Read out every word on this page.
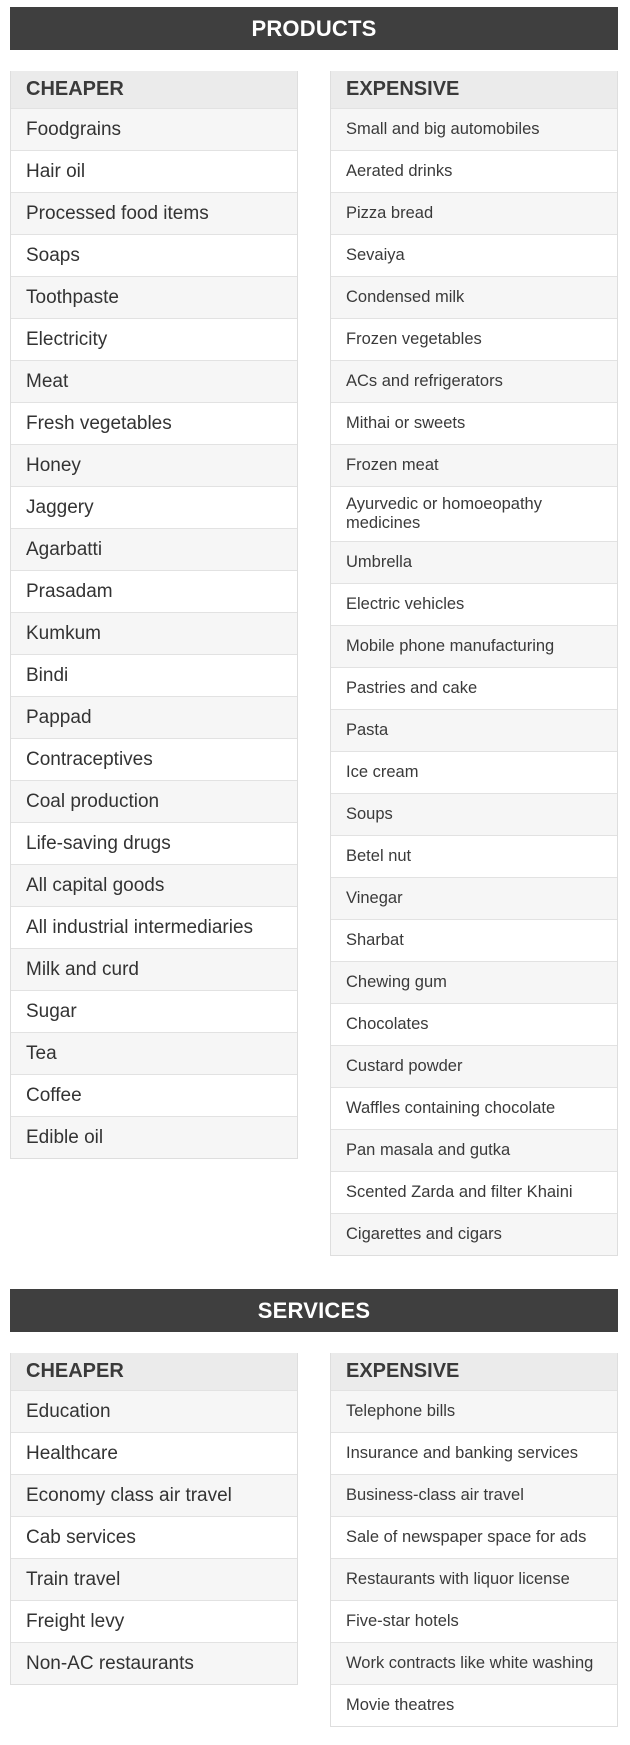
PRODUCTS
CHEAPER
Foodgrains
Hair oil
Processed food items
Soaps
Toothpaste
Electricity
Meat
Fresh vegetables
Honey
Jaggery
Agarbatti
Prasadam
Kumkum
Bindi
Pappad
Contraceptives
Coal production
Life-saving drugs
All capital goods
All industrial intermediaries
Milk and curd
Sugar
Tea
Coffee
Edible oil
EXPENSIVE
Small and big automobiles
Aerated drinks
Pizza bread
Sevaiya
Condensed milk
Frozen vegetables
ACs and refrigerators
Mithai or sweets
Frozen meat
Ayurvedic or homoeopathy medicines
Umbrella
Electric vehicles
Mobile phone manufacturing
Pastries and cake
Pasta
Ice cream
Soups
Betel nut
Vinegar
Sharbat
Chewing gum
Chocolates
Custard powder
Waffles containing chocolate
Pan masala and gutka
Scented Zarda and filter Khaini
Cigarettes and cigars
SERVICES
CHEAPER
Education
Healthcare
Economy class air travel
Cab services
Train travel
Freight levy
Non-AC restaurants
EXPENSIVE
Telephone bills
Insurance and banking services
Business-class air travel
Sale of newspaper space for ads
Restaurants with liquor license
Five-star hotels
Work contracts like white washing
Movie theatres
